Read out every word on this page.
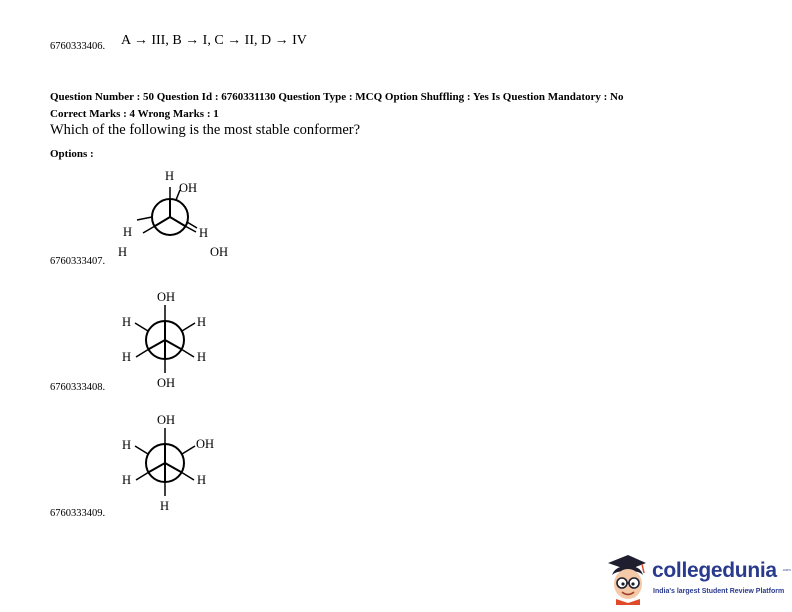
6760333406. A → III, B → I, C → II, D → IV
Question Number : 50 Question Id : 6760331130 Question Type : MCQ Option Shuffling : Yes Is Question Mandatory : No
Correct Marks : 4 Wrong Marks : 1
Which of the following is the most stable conformer?
Options :
H
OH
H
H
H
OH
6760333407.
OH
H	H
H	H
OH
6760333408.
OH
H	OH
H	H
H
6760333409.
collegedunia .com
India's largest Student Review Platform
